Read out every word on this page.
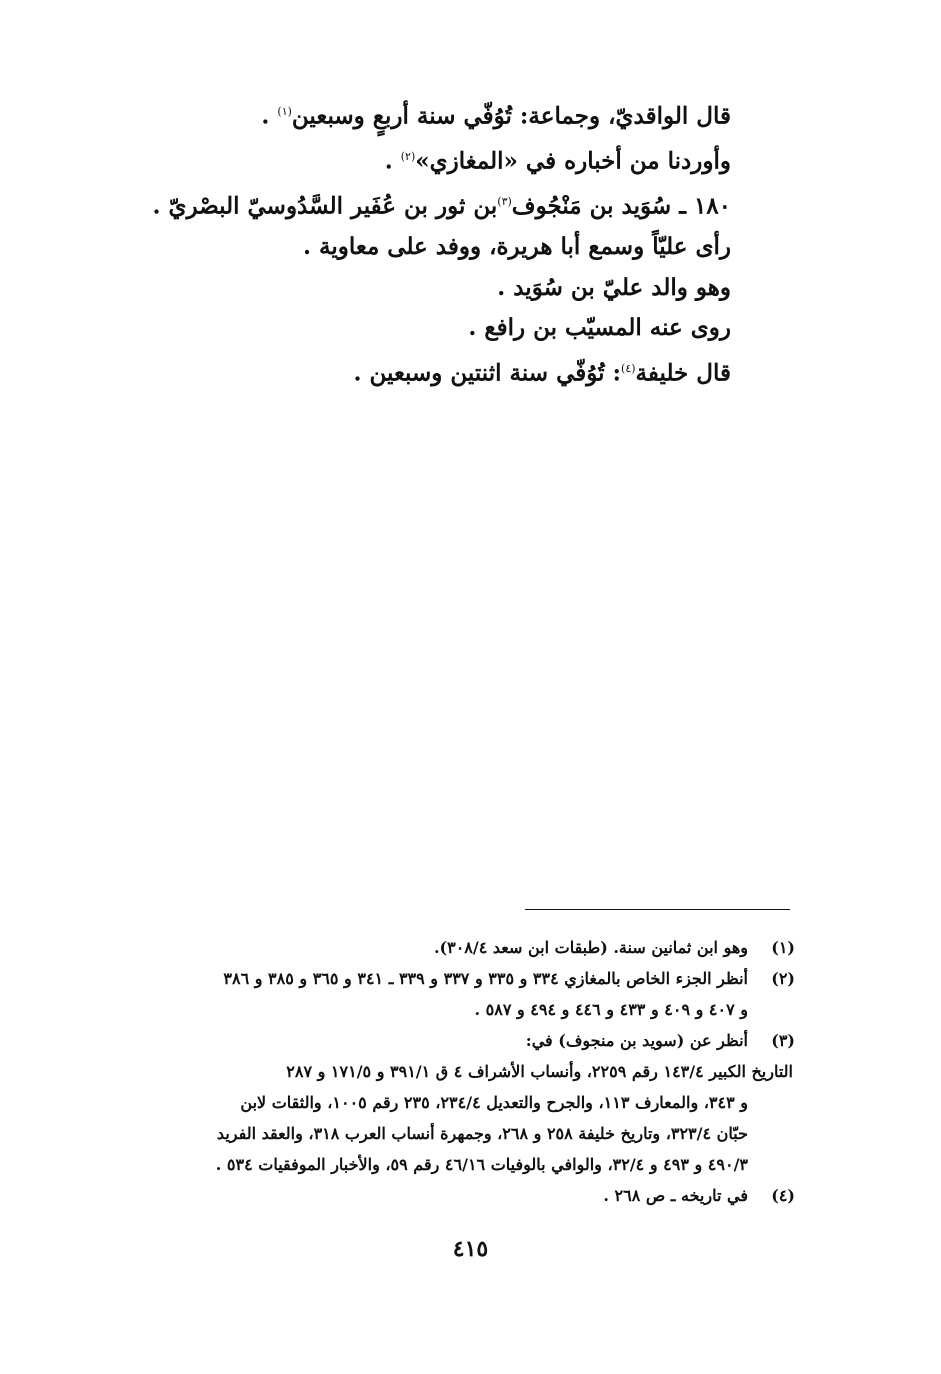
قال الواقديّ، وجماعة: تُوُفّي سنة أربعٍ وسبعين$^{(١)}$ .
وأوردنا من أخباره في «المغازي»$^{(٢)}$ .
١٨٠ ـ سُوَيد بن مَنْجُوف$^{(٣)}$بن ثور بن عُفَير السَّدُوسيّ البصْريّ .
رأى عليّاً وسمع أبا هريرة، ووفد على معاوية .
وهو والد عليّ بن سُوَيد .
روى عنه المسيّب بن رافع .
قال خليفة$^{(٤)}$: تُوُفّي سنة اثنتين وسبعين .
(١)
وهو ابن ثمانين سنة. (طبقات ابن سعد ٣٠٨/٤).
(٢)
أنظر الجزء الخاص بالمغازي ٣٣٤ و ٣٣٥ و ٣٣٧ و ٣٣٩ ـ ٣٤١ و ٣٦٥ و ٣٨٥ و ٣٨٦
و ٤٠٧ و ٤٠٩ و ٤٣٣ و ٤٤٦ و ٤٩٤ و ٥٨٧ .
(٣)
أنظر عن (سويد بن منجوف) في:
التاريخ الكبير ١٤٣/٤ رقم ٢٢٥٩، وأنساب الأشراف ٤ ق ٣٩١/١ و ١٧١/٥ و ٢٨٧
و ٣٤٣، والمعارف ١١٣، والجرح والتعديل ٢٣٤/٤، ٢٣٥ رقم ١٠٠٥، والثقات لابن
حبّان ٣٢٣/٤، وتاريخ خليفة ٢٥٨ و ٢٦٨، وجمهرة أنساب العرب ٣١٨، والعقد الفريد
٤٩٠/٣ و ٤٩٣ و ٣٢/٤، والوافي بالوفيات ٤٦/١٦ رقم ٥٩، والأخبار الموفقيات ٥٣٤ .
(٤)
في تاريخه ـ ص ٢٦٨ .
٤١٥
